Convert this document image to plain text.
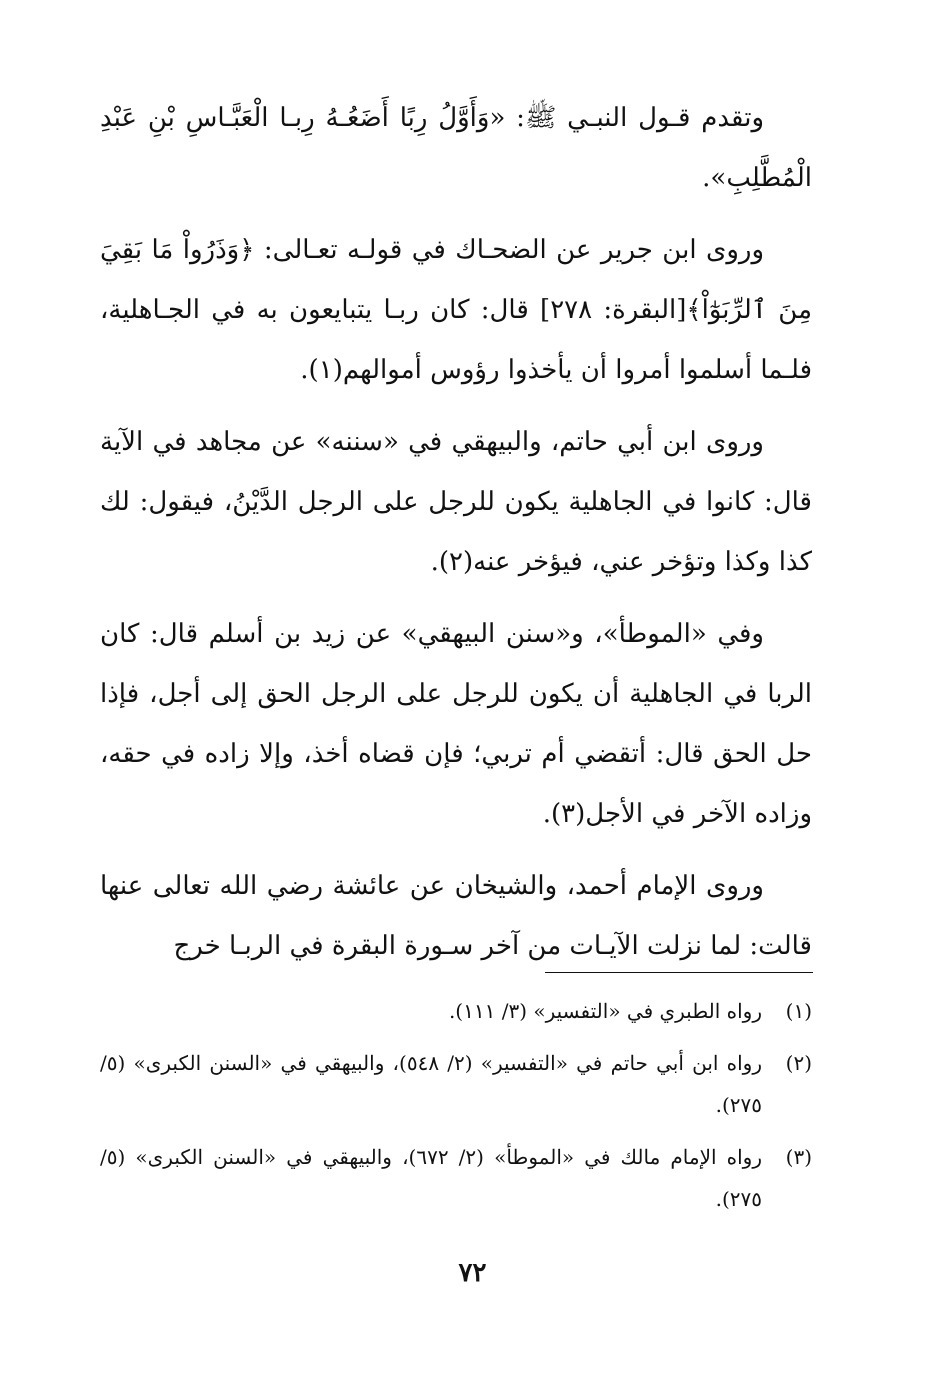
وتقدم قـول النبـي ﷺ: «وَأَوَّلُ رِبًا أَضَعُـهُ رِبـا الْعَبَّـاسِ بْنِ عَبْدِ الْمُطَّلِبِ».

وروى ابن جرير عن الضحـاك في قولـه تعـالى: ﴿وَذَرُواْ مَا بَقِيَ مِنَ ٱلرِّبَوٰٓاْ﴾[البقرة: ٢٧٨] قال: كان ربـا يتبايعون به في الجـاهلية، فلـما أسلموا أمروا أن يأخذوا رؤوس أموالهم(١).

وروى ابن أبي حاتم، والبيهقي في «سننه» عن مجاهد في الآية قال: كانوا في الجاهلية يكون للرجل على الرجل الدَّيْنُ، فيقول: لك كذا وكذا وتؤخر عني، فيؤخر عنه(٢).

وفي «الموطأ»، و«سنن البيهقي» عن زيد بن أسلم قال: كان الربا في الجاهلية أن يكون للرجل على الرجل الحق إلى أجل، فإذا حل الحق قال: أتقضي أم تربي؛ فإن قضاه أخذ، وإلا زاده في حقه، وزاده الآخر في الأجل(٣).

وروى الإمام أحمد، والشيخان عن عائشة رضي الله تعالى عنها قالت: لما نزلت الآيـات من آخر سـورة البقرة في الربـا خرج

(١)
رواه الطبري في «التفسير» (٣/ ١١١).
(٢)
رواه ابن أبي حاتم في «التفسير» (٢/ ٥٤٨)، والبيهقي في «السنن الكبرى» (٥/ ٢٧٥).
(٣)
رواه الإمام مالك في «الموطأ» (٢/ ٦٧٢)، والبيهقي في «السنن الكبرى» (٥/ ٢٧٥).
٧٢
